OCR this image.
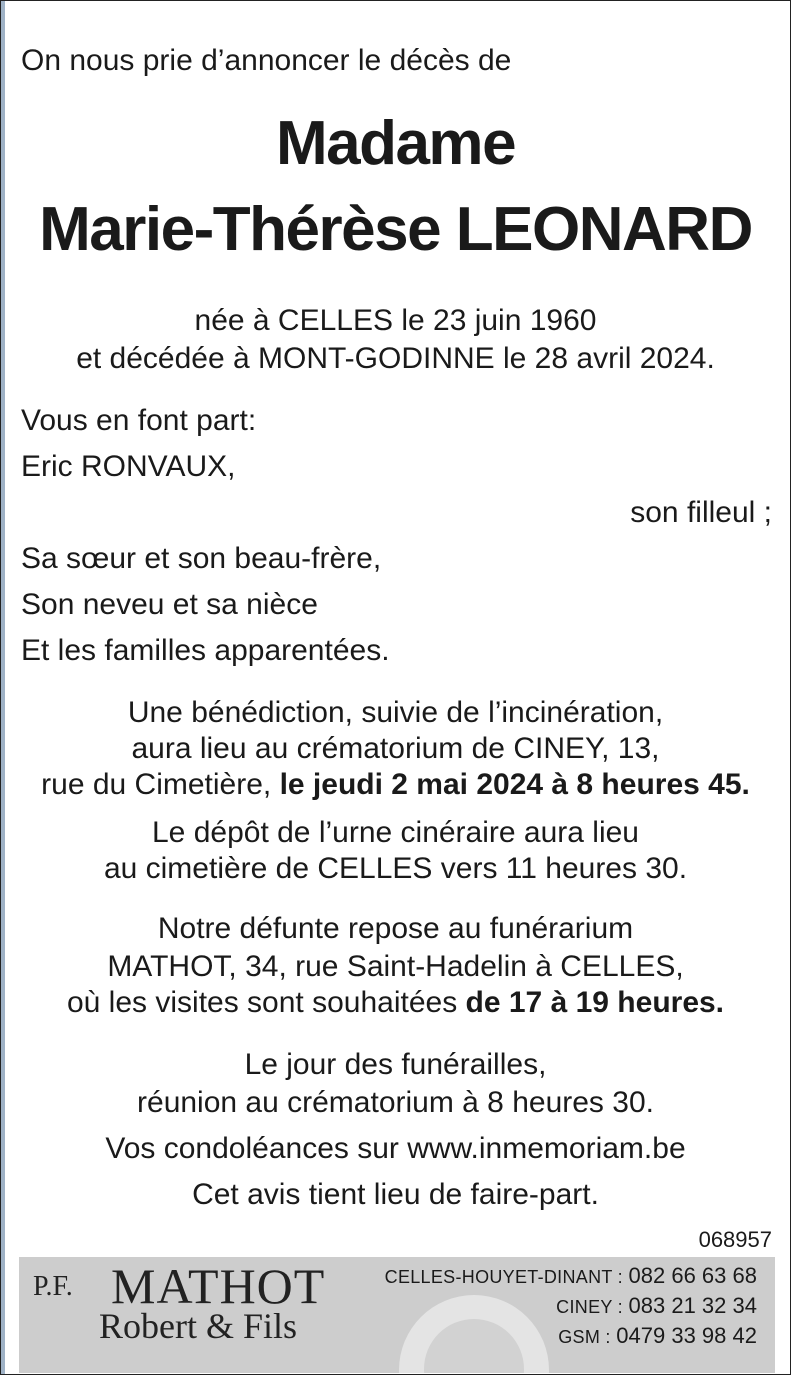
On nous prie d’annoncer le décès de
Madame
Marie-Thérèse LEONARD
née à CELLES le 23 juin 1960
et décédée à MONT-GODINNE le 28 avril 2024.
Vous en font part:
Eric RONVAUX,
son filleul ;
Sa sœur et son beau-frère,
Son neveu et sa nièce
Et les familles apparentées.
Une bénédiction, suivie de l’incinération,
aura lieu au crématorium de CINEY, 13,
rue du Cimetière, le jeudi 2 mai 2024 à 8 heures 45.
Le dépôt de l’urne cinéraire aura lieu
au cimetière de CELLES vers 11 heures 30.
Notre défunte repose au funérarium
MATHOT, 34, rue Saint-Hadelin à CELLES,
où les visites sont souhaitées de 17 à 19 heures.
Le jour des funérailles,
réunion au crématorium à 8 heures 30.
Vos condoléances sur www.inmemoriam.be
Cet avis tient lieu de faire-part.
068957
P.F. MATHOT
Robert & Fils
CELLES-HOUYET-DINANT : 082 66 63 68
CINEY : 083 21 32 34
GSM : 0479 33 98 42
